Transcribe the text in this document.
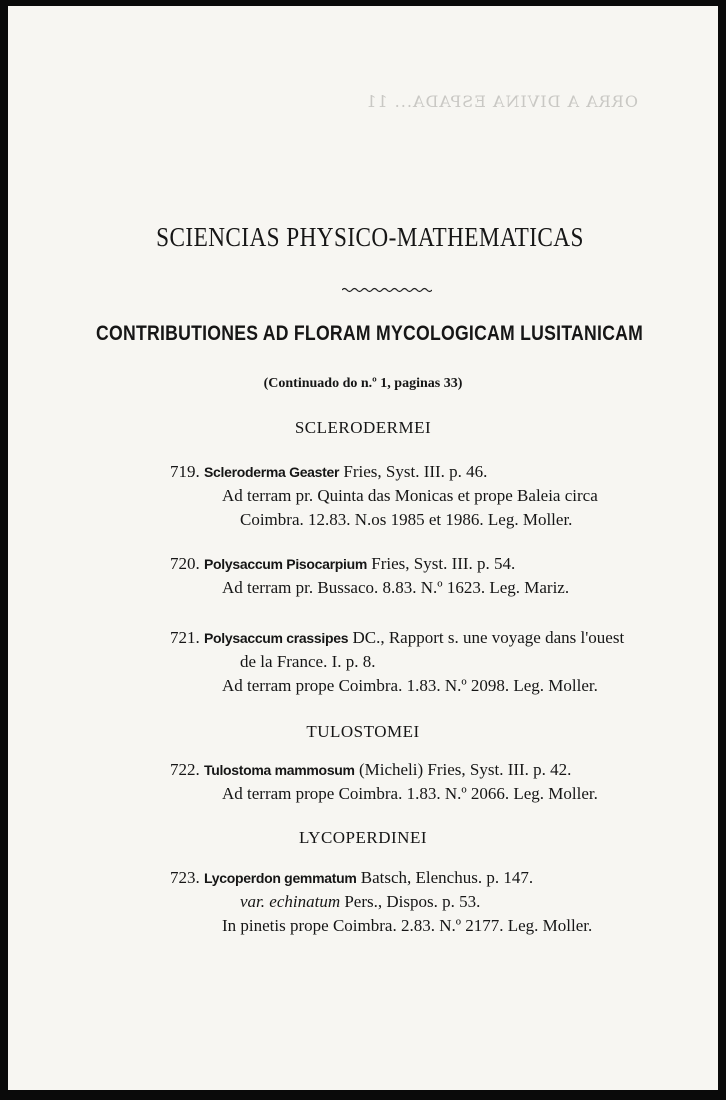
ORRA A DIVINA ESPADA... 11
SCIENCIAS PHYSICO-MATHEMATICAS
CONTRIBUTIONES AD FLORAM MYCOLOGICAM LUSITANICAM
(Continuado do n.º 1, paginas 33)
SCLERODERMEI
719. Scleroderma Geaster Fries, Syst. III. p. 46.
Ad terram pr. Quinta das Monicas et prope Baleia circa
Coimbra. 12.83. N.os 1985 et 1986. Leg. Moller.
720. Polysaccum Pisocarpium Fries, Syst. III. p. 54.
Ad terram pr. Bussaco. 8.83. N.º 1623. Leg. Mariz.
721. Polysaccum crassipes DC., Rapport s. une voyage dans l'ouest
de la France. I. p. 8.
Ad terram prope Coimbra. 1.83. N.º 2098. Leg. Moller.
TULOSTOMEI
722. Tulostoma mammosum (Micheli) Fries, Syst. III. p. 42.
Ad terram prope Coimbra. 1.83. N.º 2066. Leg. Moller.
LYCOPERDINEI
723. Lycoperdon gemmatum Batsch, Elenchus. p. 147.
var. echinatum Pers., Dispos. p. 53.
In pinetis prope Coimbra. 2.83. N.º 2177. Leg. Moller.
